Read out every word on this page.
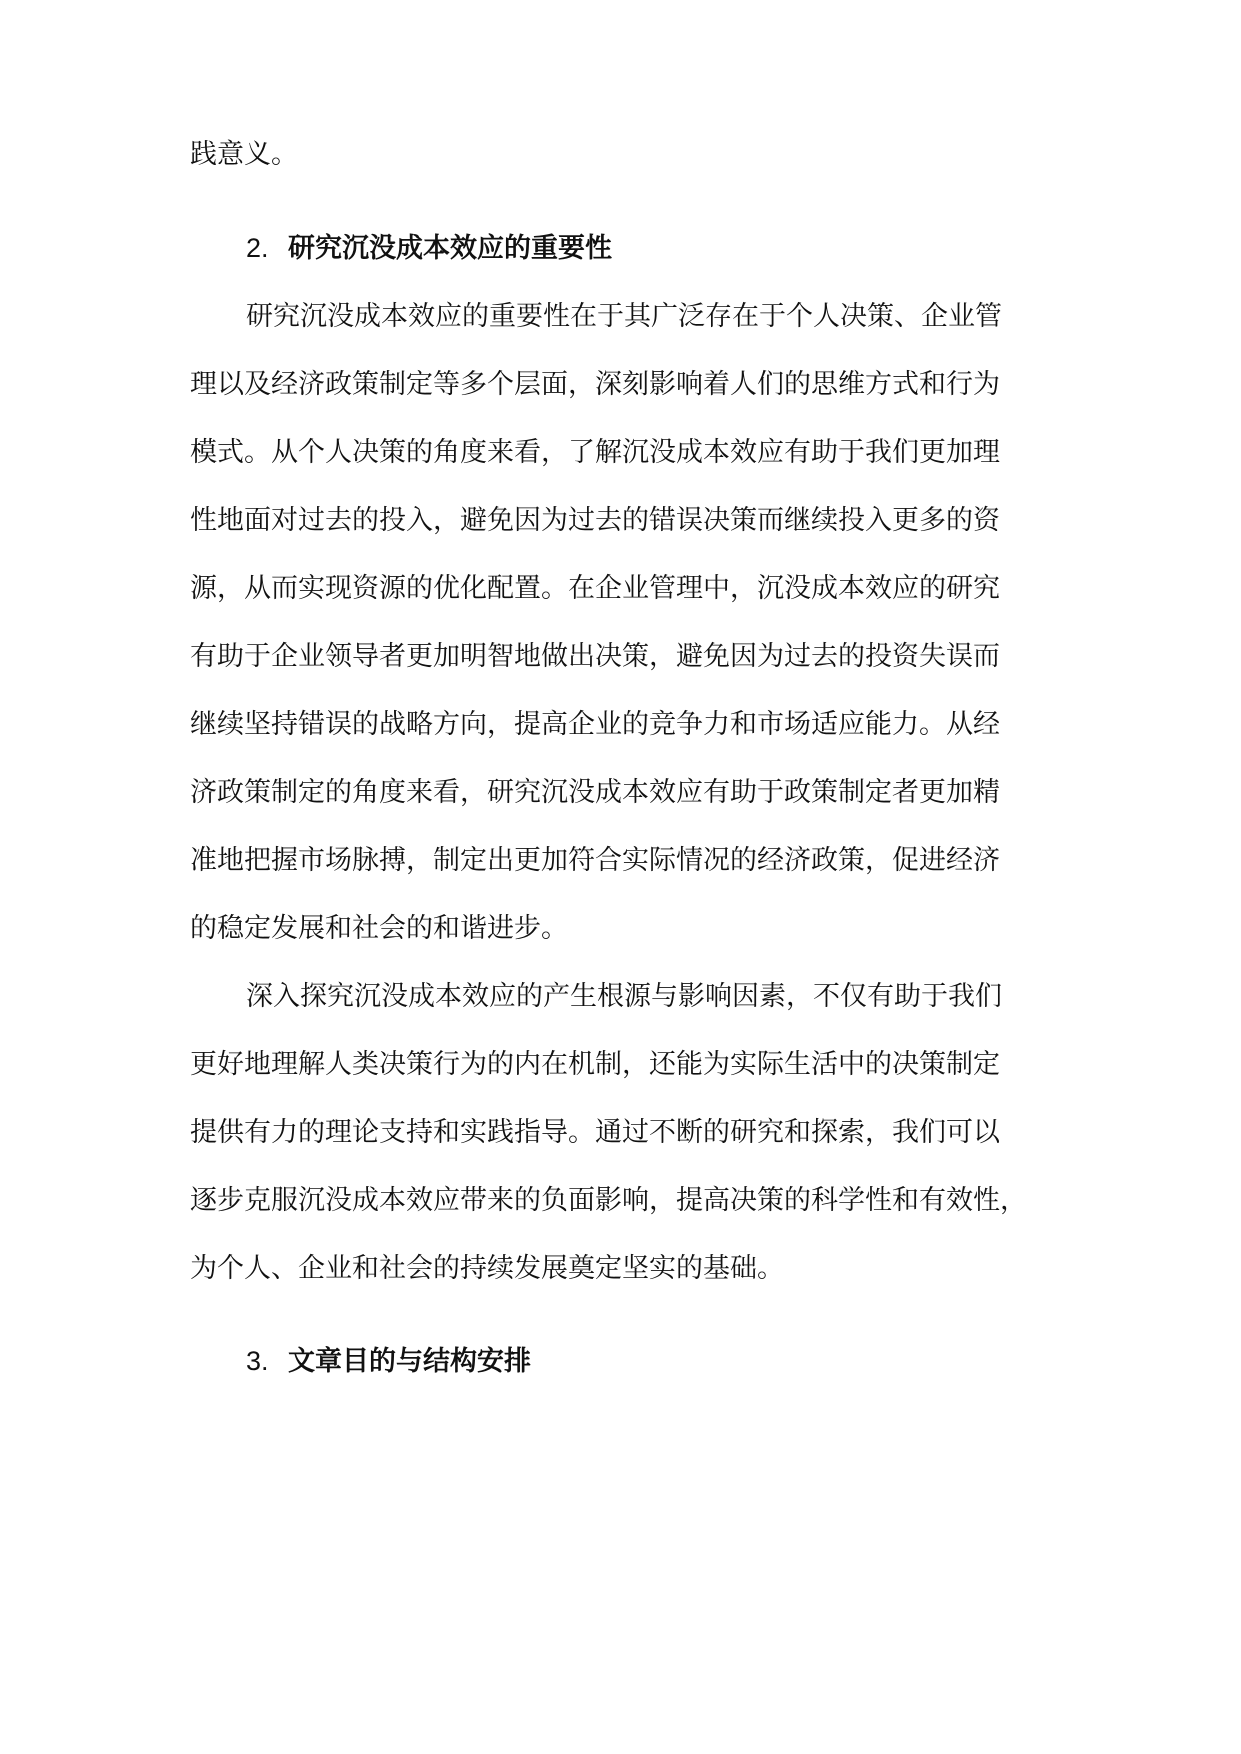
践意义。
2. 研究沉没成本效应的重要性
研究沉没成本效应的重要性在于其广泛存在于个人决策、企业管
理以及经济政策制定等多个层面，深刻影响着人们的思维方式和行为
模式。从个人决策的角度来看，了解沉没成本效应有助于我们更加理
性地面对过去的投入，避免因为过去的错误决策而继续投入更多的资
源，从而实现资源的优化配置。在企业管理中，沉没成本效应的研究
有助于企业领导者更加明智地做出决策，避免因为过去的投资失误而
继续坚持错误的战略方向，提高企业的竞争力和市场适应能力。从经
济政策制定的角度来看，研究沉没成本效应有助于政策制定者更加精
准地把握市场脉搏，制定出更加符合实际情况的经济政策，促进经济
的稳定发展和社会的和谐进步。
深入探究沉没成本效应的产生根源与影响因素，不仅有助于我们
更好地理解人类决策行为的内在机制，还能为实际生活中的决策制定
提供有力的理论支持和实践指导。通过不断的研究和探索，我们可以
逐步克服沉没成本效应带来的负面影响，提高决策的科学性和有效性，
为个人、企业和社会的持续发展奠定坚实的基础。
3. 文章目的与结构安排
